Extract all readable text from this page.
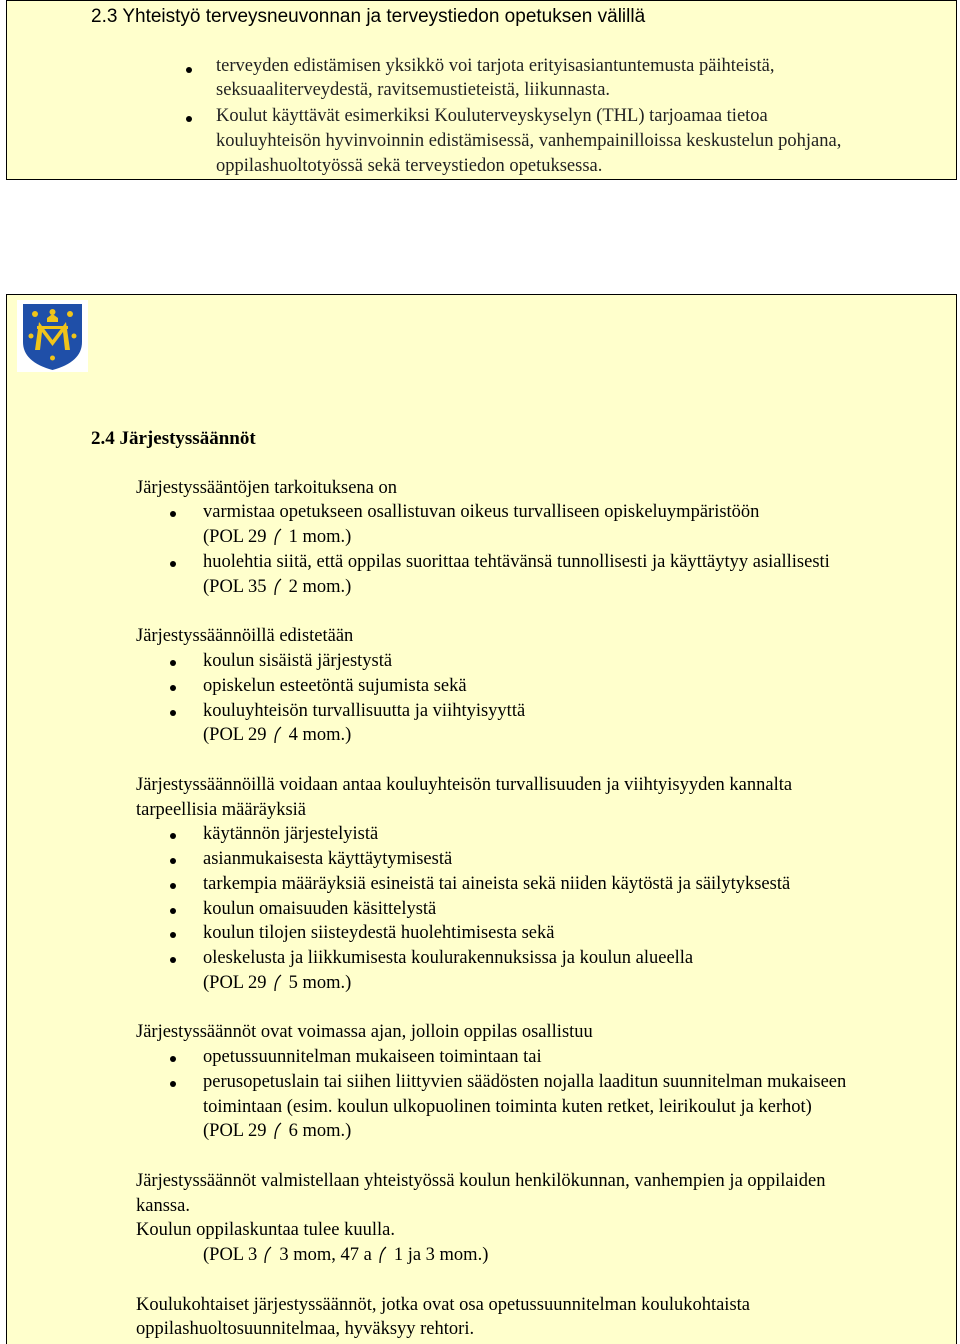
2.3 Yhteistyö terveysneuvonnan ja terveystiedon opetuksen välillä
terveyden edistämisen yksikkö voi tarjota erityisasiantuntemusta päihteistä,
seksuaaliterveydestä, ravitsemustieteistä, liikunnasta.
Koulut käyttävät esimerkiksi Kouluterveyskyselyn (THL) tarjoamaa tietoa
kouluyhteisön hyvinvoinnin edistämisessä, vanhempainilloissa keskustelun pohjana,
oppilashuoltotyössä sekä terveystiedon opetuksessa.
2.4 Järjestyssäännöt
Järjestyssääntöjen tarkoituksena on
varmistaa opetukseen osallistuvan oikeus turvalliseen opiskeluympäristöön
(POL 29 1 mom.)
huolehtia siitä, että oppilas suorittaa tehtävänsä tunnollisesti ja käyttäytyy asiallisesti
(POL 35 2 mom.)
Järjestyssäännöillä edistetään
koulun sisäistä järjestystä
opiskelun esteetöntä sujumista sekä
kouluyhteisön turvallisuutta ja viihtyisyyttä
(POL 29 4 mom.)
Järjestyssäännöillä voidaan antaa kouluyhteisön turvallisuuden ja viihtyisyyden kannalta
tarpeellisia määräyksiä
käytännön järjestelyistä
asianmukaisesta käyttäytymisestä
tarkempia määräyksiä esineistä tai aineista sekä niiden käytöstä ja säilytyksestä
koulun omaisuuden käsittelystä
koulun tilojen siisteydestä huolehtimisesta sekä
oleskelusta ja liikkumisesta koulurakennuksissa ja koulun alueella
(POL 29 5 mom.)
Järjestyssäännöt ovat voimassa ajan, jolloin oppilas osallistuu
opetussuunnitelman mukaiseen toimintaan tai
perusopetuslain tai siihen liittyvien säädösten nojalla laaditun suunnitelman mukaiseen
toimintaan (esim. koulun ulkopuolinen toiminta kuten retket, leirikoulut ja kerhot)
(POL 29 6 mom.)
Järjestyssäännöt valmistellaan yhteistyössä koulun henkilökunnan, vanhempien ja oppilaiden
kanssa.
Koulun oppilaskuntaa tulee kuulla.
(POL 3 3 mom, 47 a 1 ja 3 mom.)
Koulukohtaiset järjestyssäännöt, jotka ovat osa opetussuunnitelman koulukohtaista
oppilashuoltosuunnitelmaa, hyväksyy rehtori.
